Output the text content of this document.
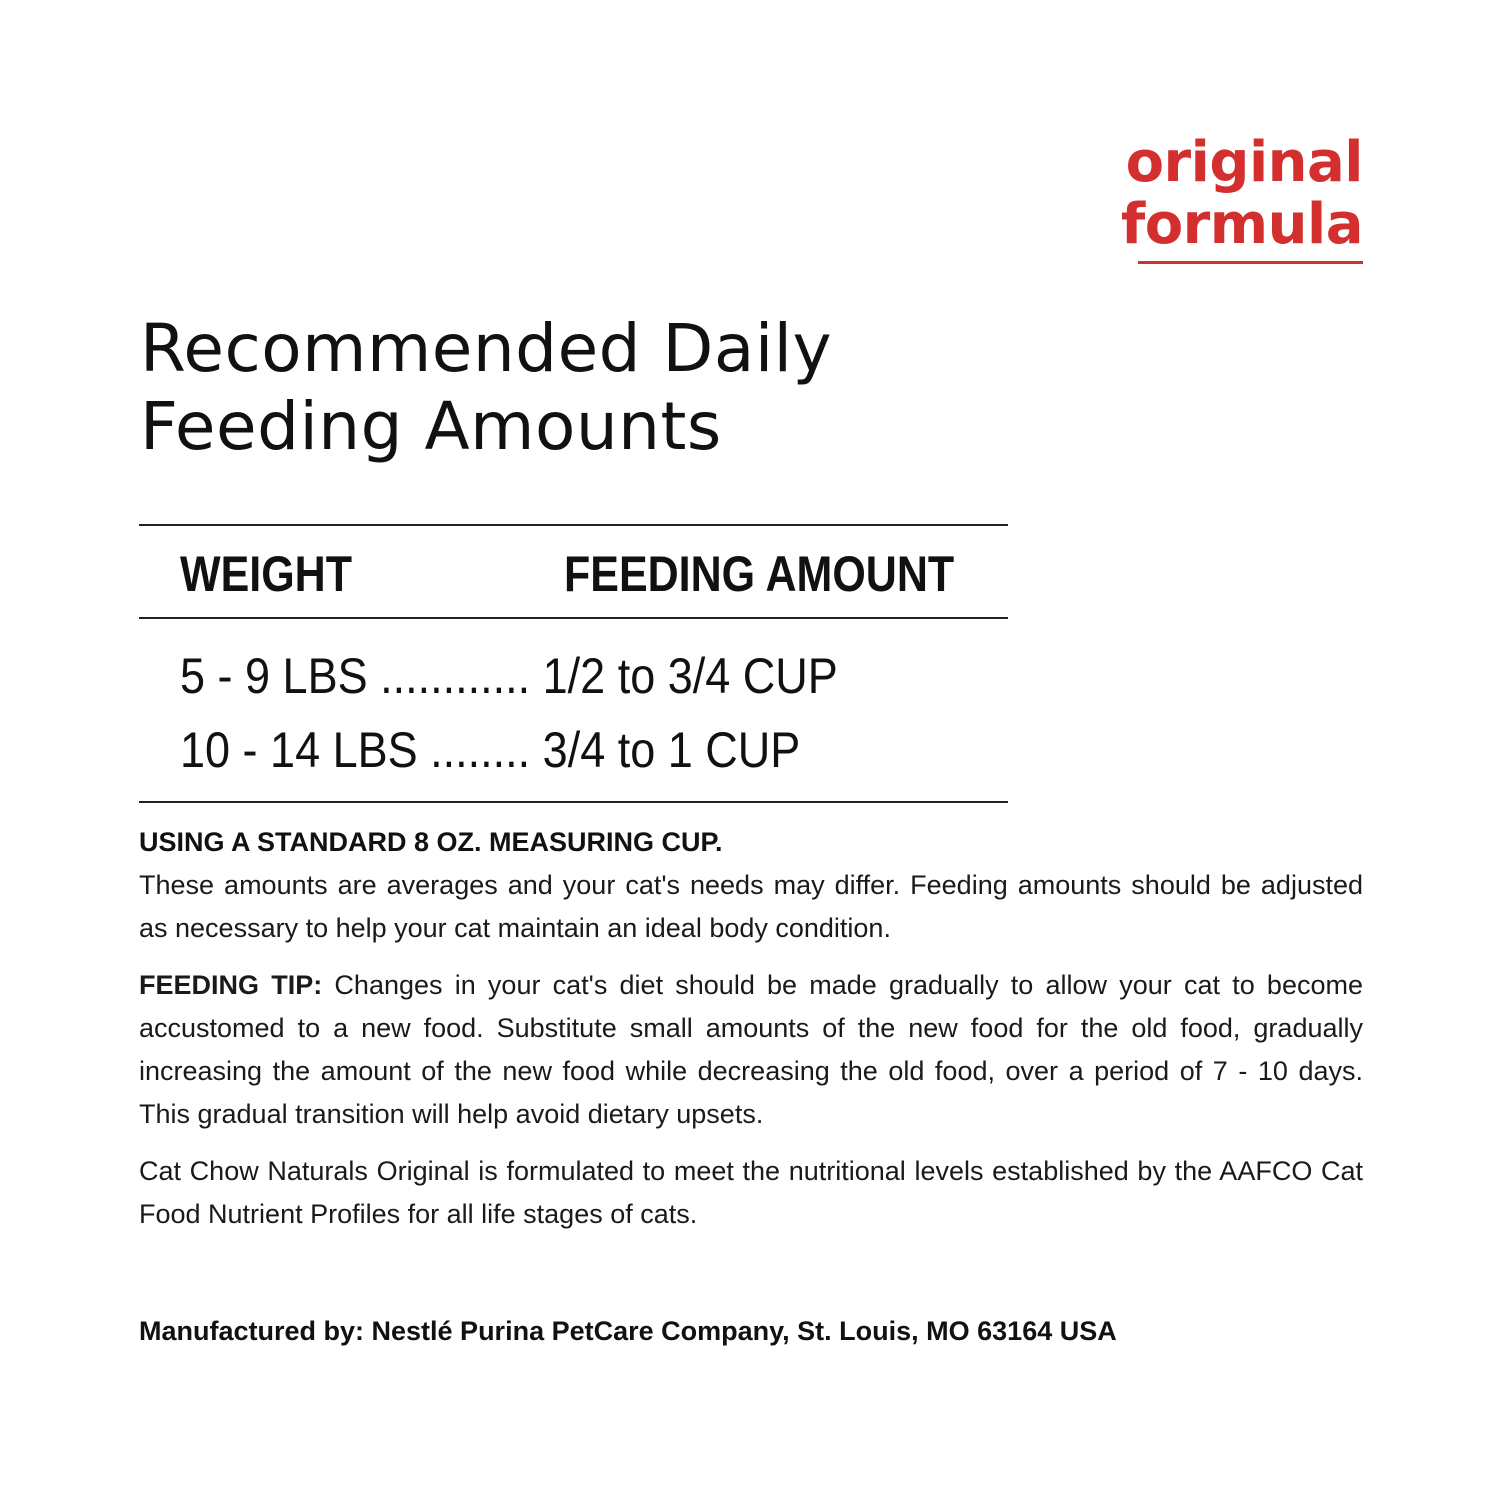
original
formula
Recommended Daily
Feeding Amounts
WEIGHT	FEEDING AMOUNT
5 - 9 LBS ............ 1/2 to 3/4 CUP
10 - 14 LBS ........ 3/4 to 1 CUP
USING A STANDARD 8 OZ. MEASURING CUP.

These amounts are averages and your cat's needs may differ. Feeding amounts should be adjusted as necessary to help your cat maintain an ideal body condition.

FEEDING TIP: Changes in your cat's diet should be made gradually to allow your cat to become accustomed to a new food. Substitute small amounts of the new food for the old food, gradually increasing the amount of the new food while decreasing the old food, over a period of 7 - 10 days. This gradual transition will help avoid dietary upsets.

Cat Chow Naturals Original is formulated to meet the nutritional levels established by the AAFCO Cat Food Nutrient Profiles for all life stages of cats.

Manufactured by: Nestlé Purina PetCare Company, St. Louis, MO 63164 USA
